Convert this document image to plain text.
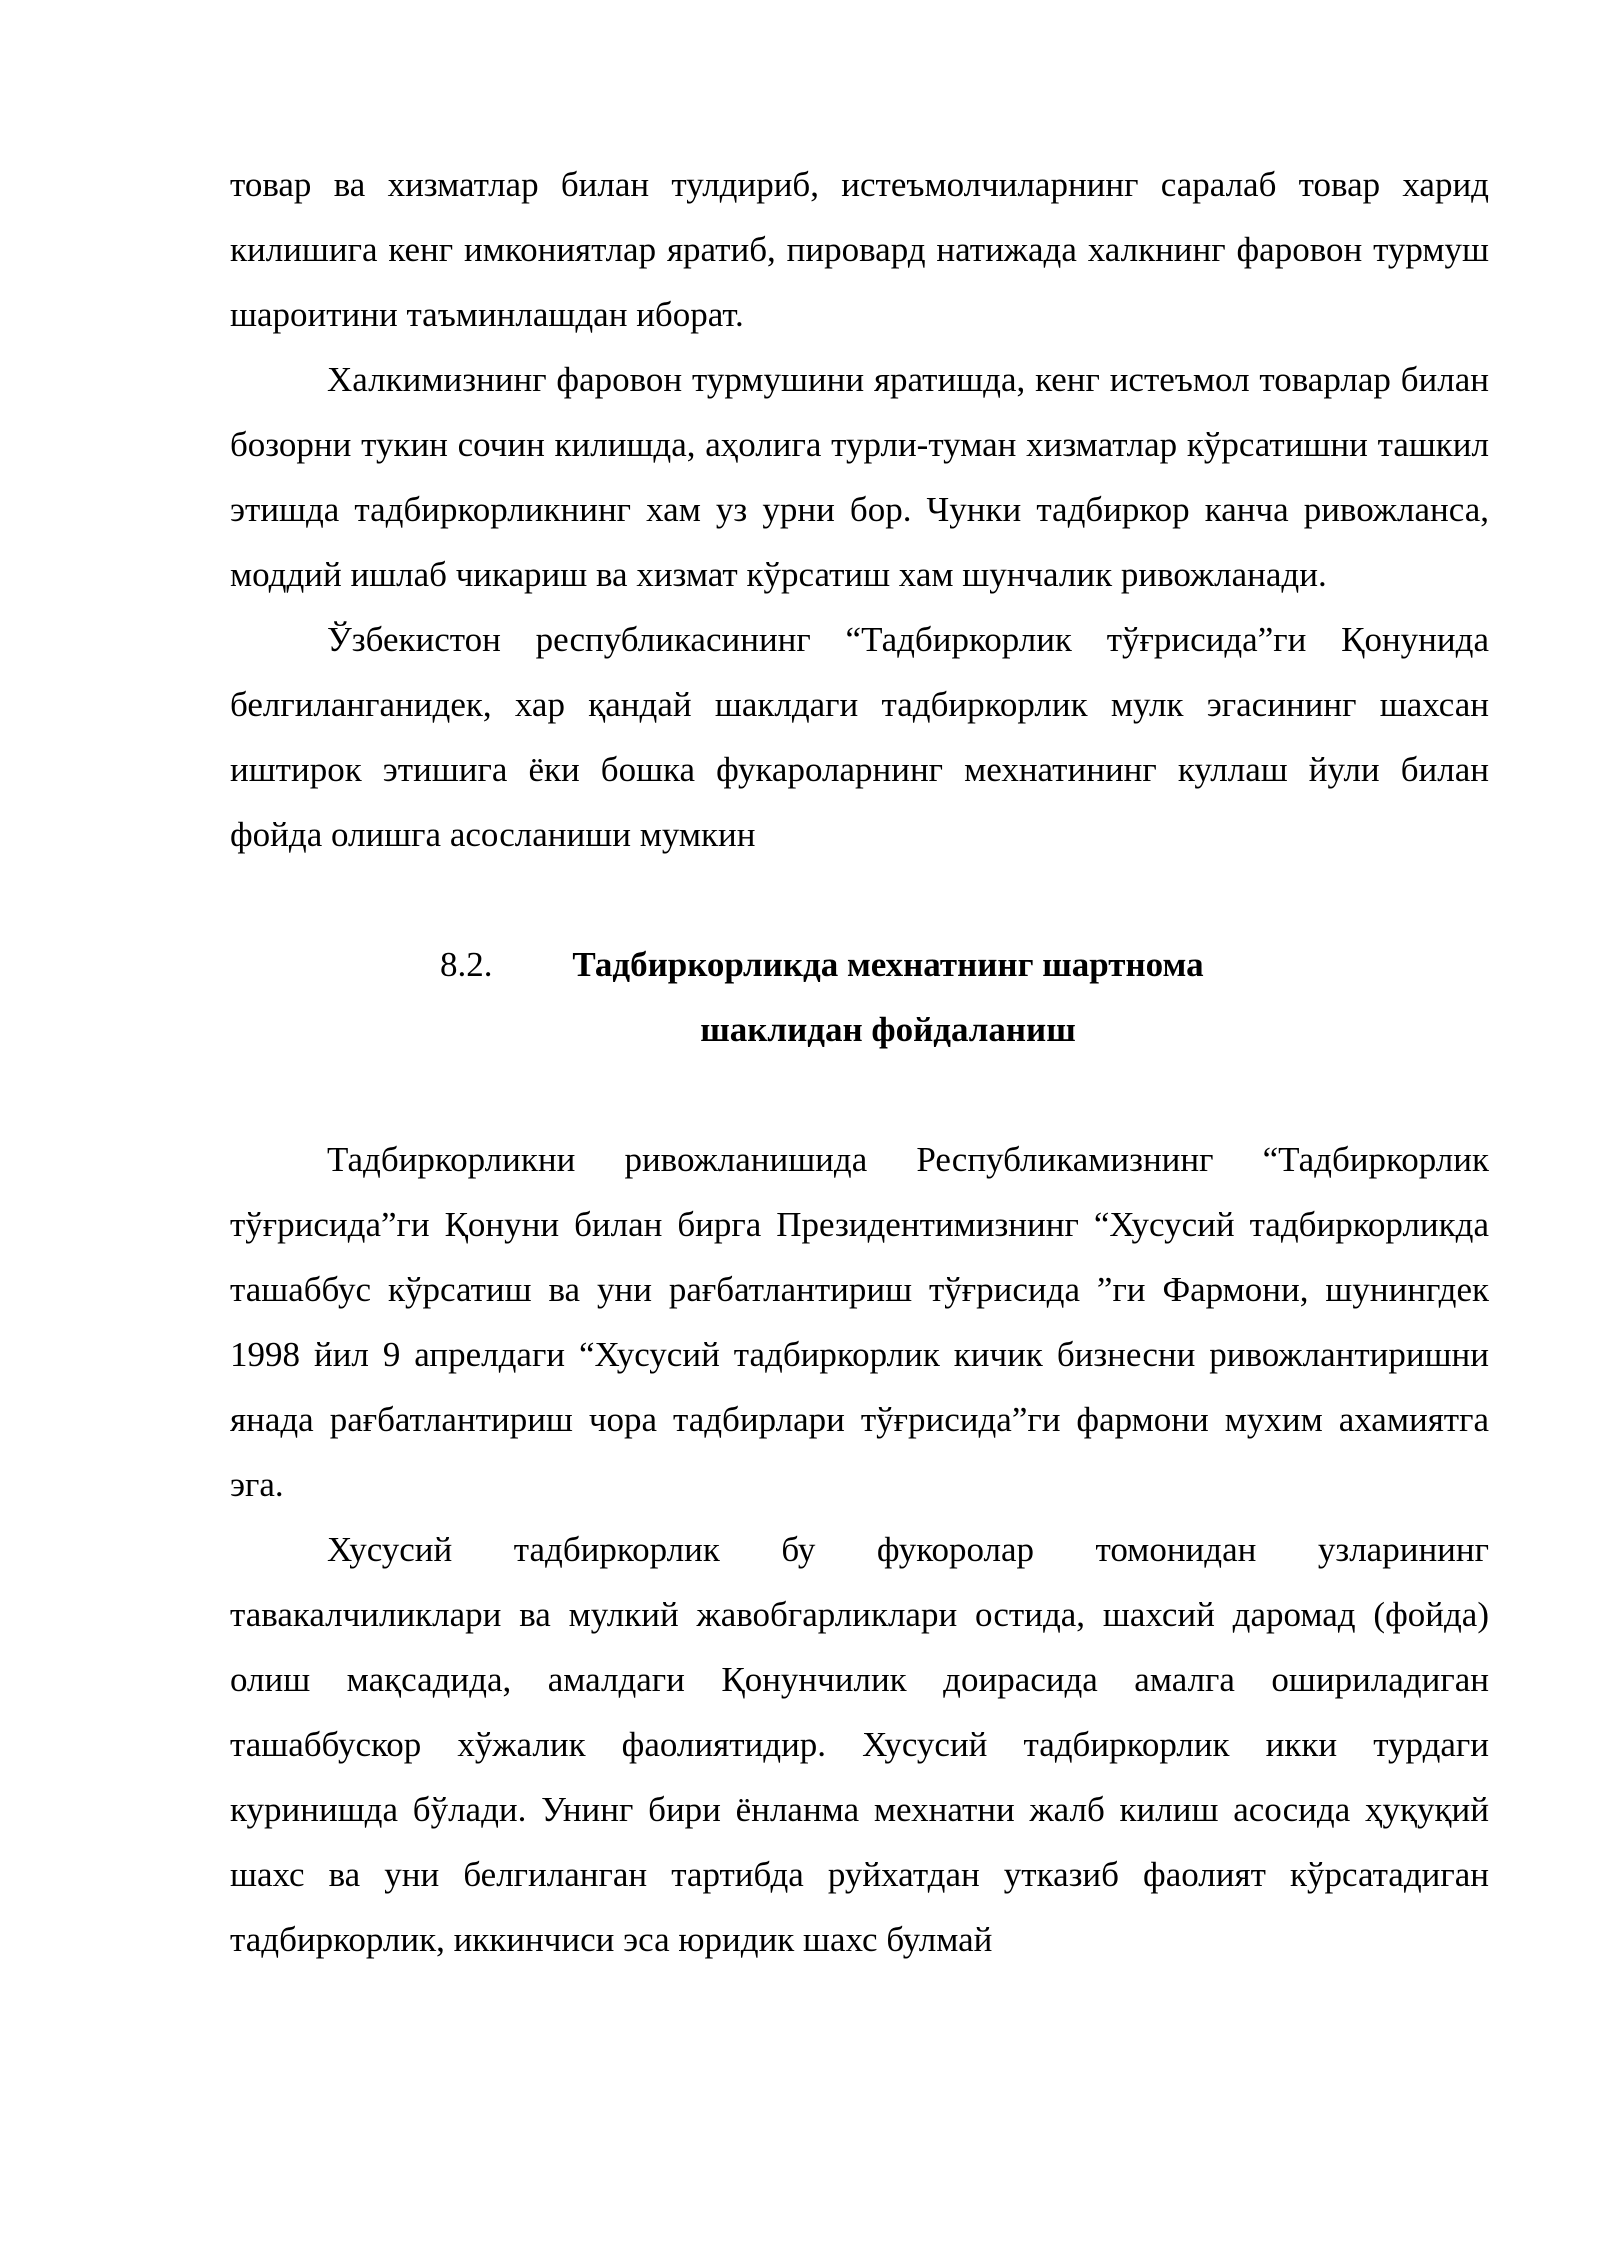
товар ва хизматлар билан тулдириб, истеъмолчиларнинг саралаб товар харид килишига кенг имкониятлар яратиб, пировард натижада халкнинг фаровон турмуш шароитини таъминлашдан иборат.

Халкимизнинг фаровон турмушини яратишда, кенг истеъмол товарлар билан бозорни тукин сочин килишда, аҳолига турли-туман хизматлар кўрсатишни ташкил этишда тадбиркорликнинг хам уз урни бор. Чунки тадбиркор канча ривожланса, моддий ишлаб чикариш ва хизмат кўрсатиш хам шунчалик ривожланади.

Ўзбекистон республикасининг “Тадбиркорлик тўғрисида”ги Қонунида белгиланганидек, хар қандай шаклдаги тадбиркорлик мулк эгасининг шахсан иштирок этишига ёки бошка фукароларнинг мехнатининг куллаш йули билан фойда олишга асосланиши мумкин

8.2. Тадбиркорликда мехнатнинг шартнома шаклидан фойдаланиш

Тадбиркорликни ривожланишида Республикамизнинг “Тадбиркорлик тўғрисида”ги Қонуни билан бирга Президентимизнинг “Хусусий тадбиркорликда ташаббус кўрсатиш ва уни рағбатлантириш тўғрисида ”ги Фармони, шунингдек 1998 йил 9 апрелдаги “Хусусий тадбиркорлик кичик бизнесни ривожлантиришни янада рағбатлантириш чора тадбирлари тўғрисида”ги фармони мухим ахамиятга эга.

Хусусий тадбиркорлик бу фукоролар томонидан узларининг тавакалчиликлари ва мулкий жавобгарликлари остида, шахсий даромад (фойда) олиш мақсадида, амалдаги Қонунчилик доирасида амалга ошириладиган ташаббускор хўжалик фаолиятидир. Хусусий тадбиркорлик икки турдаги куринишда бўлади. Унинг бири ёнланма мехнатни жалб килиш асосида ҳуқуқий шахс ва уни белгиланган тартибда руйхатдан утказиб фаолият кўрсатадиган тадбиркорлик, иккинчиси эса юридик шахс булмай
